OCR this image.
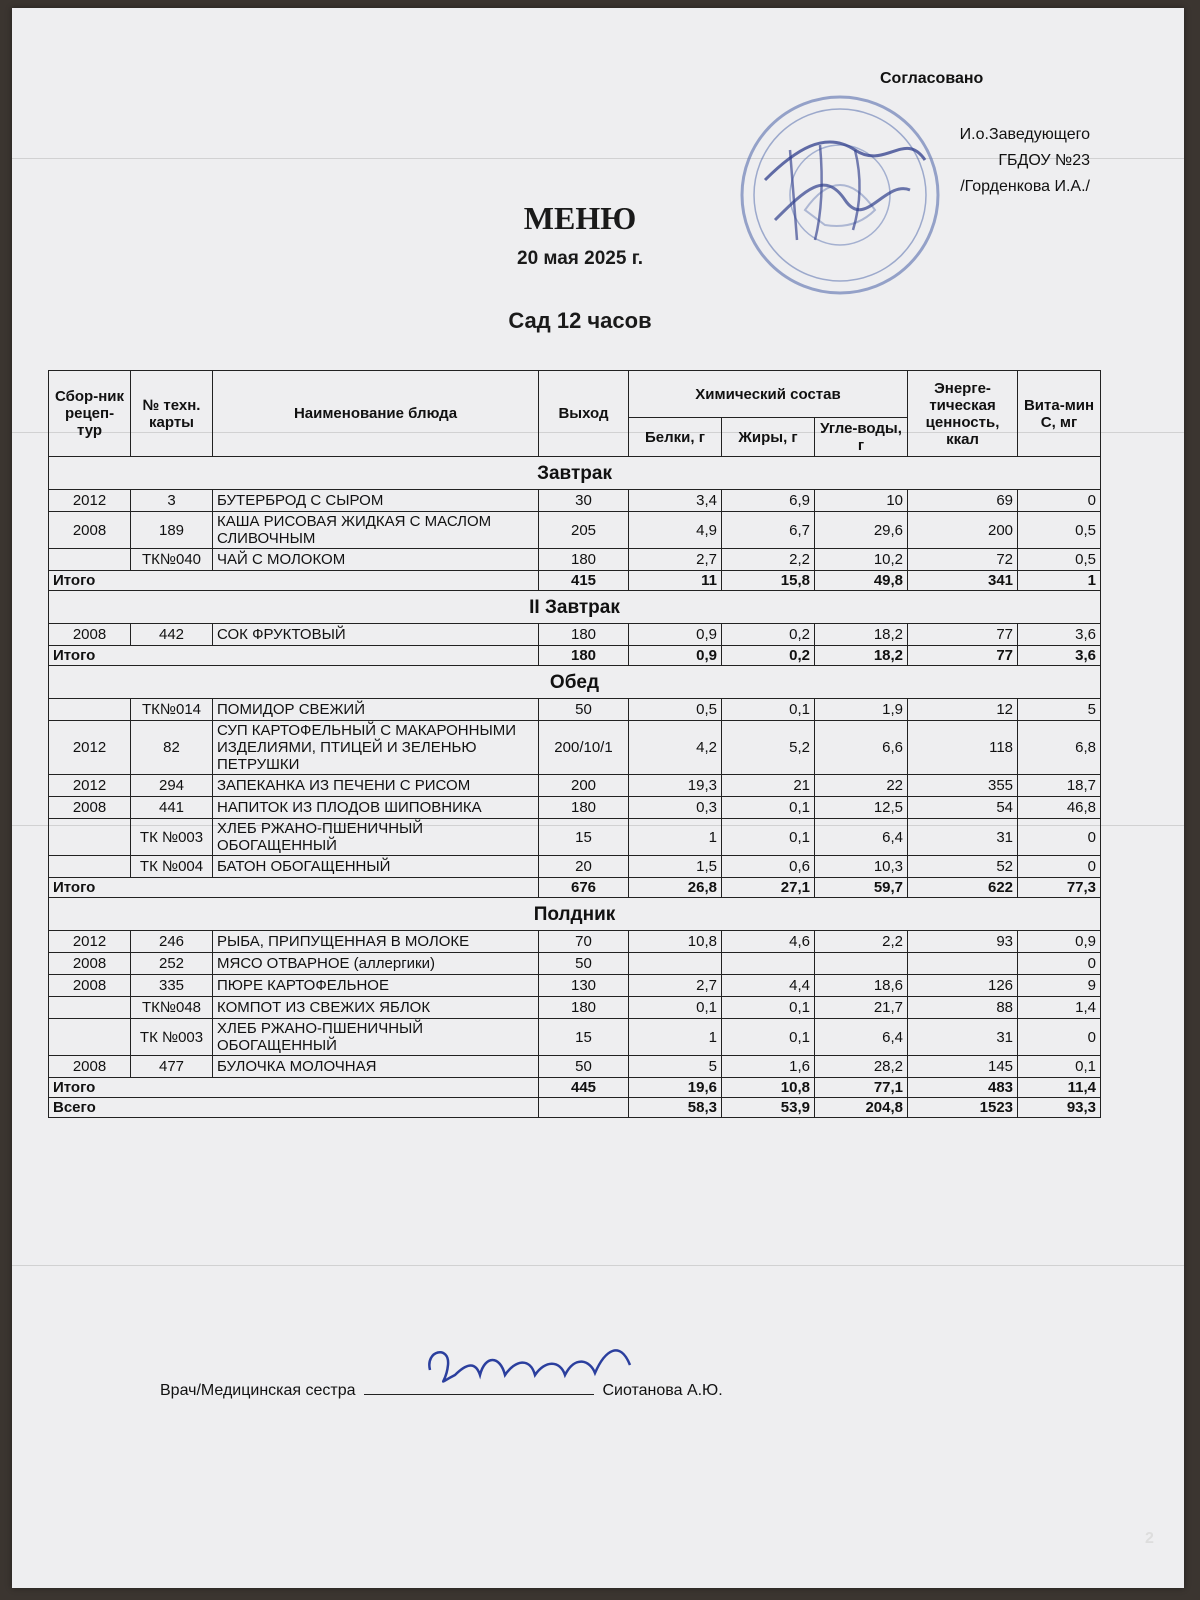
Согласовано
И.о.Заведующего
ГБДОУ №23
/Горденкова И.А./
МЕНЮ
20 мая 2025 г.
Сад 12 часов
Сбор-ник рецеп-тур	№ техн. карты	Наименование блюда	Выход	Химический состав			Энерге-тическая ценность, ккал	Вита-мин С, мг
				Белки, г	Жиры, г	Угле-воды, г		
Завтрак								
2012	3	БУТЕРБРОД С СЫРОМ	30	3,4	6,9	10	69	0
2008	189	КАША РИСОВАЯ ЖИДКАЯ С МАСЛОМ СЛИВОЧНЫМ	205	4,9	6,7	29,6	200	0,5
	ТК№040	ЧАЙ С МОЛОКОМ	180	2,7	2,2	10,2	72	0,5
Итого			415	11	15,8	49,8	341	1
II Завтрак								
2008	442	СОК ФРУКТОВЫЙ	180	0,9	0,2	18,2	77	3,6
Итого			180	0,9	0,2	18,2	77	3,6
Обед								
	ТК№014	ПОМИДОР СВЕЖИЙ	50	0,5	0,1	1,9	12	5
2012	82	СУП КАРТОФЕЛЬНЫЙ С МАКАРОННЫМИ ИЗДЕЛИЯМИ, ПТИЦЕЙ И ЗЕЛЕНЬЮ ПЕТРУШКИ	200/10/1	4,2	5,2	6,6	118	6,8
2012	294	ЗАПЕКАНКА ИЗ ПЕЧЕНИ С РИСОМ	200	19,3	21	22	355	18,7
2008	441	НАПИТОК ИЗ ПЛОДОВ ШИПОВНИКА	180	0,3	0,1	12,5	54	46,8
	ТК №003	ХЛЕБ РЖАНО-ПШЕНИЧНЫЙ ОБОГАЩЕННЫЙ	15	1	0,1	6,4	31	0
	ТК №004	БАТОН ОБОГАЩЕННЫЙ	20	1,5	0,6	10,3	52	0
Итого			676	26,8	27,1	59,7	622	77,3
Полдник								
2012	246	РЫБА, ПРИПУЩЕННАЯ В МОЛОКЕ	70	10,8	4,6	2,2	93	0,9
2008	252	МЯСО ОТВАРНОЕ (аллергики)	50					0
2008	335	ПЮРЕ КАРТОФЕЛЬНОЕ	130	2,7	4,4	18,6	126	9
	ТК№048	КОМПОТ ИЗ СВЕЖИХ ЯБЛОК	180	0,1	0,1	21,7	88	1,4
	ТК №003	ХЛЕБ РЖАНО-ПШЕНИЧНЫЙ ОБОГАЩЕННЫЙ	15	1	0,1	6,4	31	0
2008	477	БУЛОЧКА МОЛОЧНАЯ	50	5	1,6	28,2	145	0,1
Итого			445	19,6	10,8	77,1	483	11,4
Всего				58,3	53,9	204,8	1523	93,3
Врач/Медицинская сестра	Сиотанова А.Ю.
2
